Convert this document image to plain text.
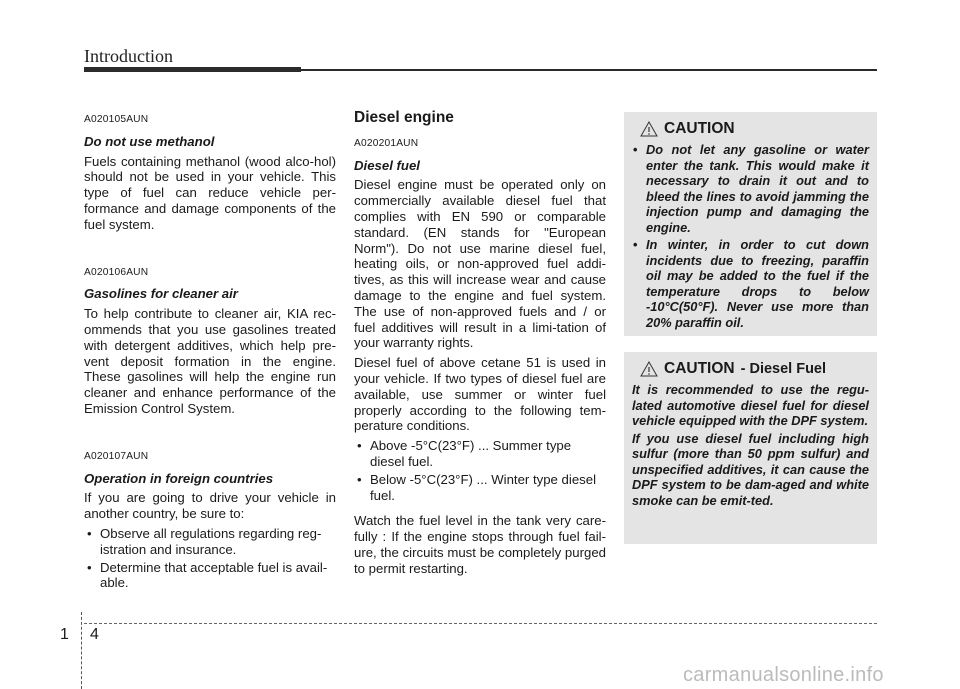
Introduction
A020105AUN
Do not use methanol

Fuels containing methanol (wood alco-hol) should not be used in your vehicle. This type of fuel can reduce vehicle per-formance and damage components of the fuel system.

A020106AUN
Gasolines for cleaner air

To help contribute to cleaner air, KIA rec-ommends that you use gasolines treated with detergent additives, which help pre-vent deposit formation in the engine. These gasolines will help the engine run cleaner and enhance performance of the Emission Control System.

A020107AUN
Operation in foreign countries

If you are going to drive your vehicle in another country, be sure to:

• Observe all regulations regarding reg-istration and insurance.
• Determine that acceptable fuel is avail-able.
Diesel engine
A020201AUN
Diesel fuel

Diesel engine must be operated only on commercially available diesel fuel that complies with EN 590 or comparable standard. (EN stands for "European Norm"). Do not use marine diesel fuel, heating oils, or non-approved fuel addi-tives, as this will increase wear and cause damage to the engine and fuel system. The use of non-approved fuels and / or fuel additives will result in a limi-tation of your warranty rights.

Diesel fuel of above cetane 51 is used in your vehicle. If two types of diesel fuel are available, use summer or winter fuel properly according to the following tem-perature conditions.

• Above -5°C(23°F) ... Summer type diesel fuel.
• Below -5°C(23°F) ... Winter type diesel fuel.

Watch the fuel level in the tank very care-fully : If the engine stops through fuel fail-ure, the circuits must be completely purged to permit restarting.

CAUTION
• Do not let any gasoline or water enter the tank. This would make it necessary to drain it out and to bleed the lines to avoid jamming the injection pump and damaging the engine.
• In winter, in order to cut down incidents due to freezing, paraffin oil may be added to the fuel if the temperature drops to below -10°C(50°F). Never use more than 20% paraffin oil.
CAUTION - Diesel Fuel

It is recommended to use the regu-lated automotive diesel fuel for diesel vehicle equipped with the DPF system.

If you use diesel fuel including high sulfur (more than 50 ppm sulfur) and unspecified additives, it can cause the DPF system to be dam-aged and white smoke can be emit-ted.

1 4
carmanualsonline.info
